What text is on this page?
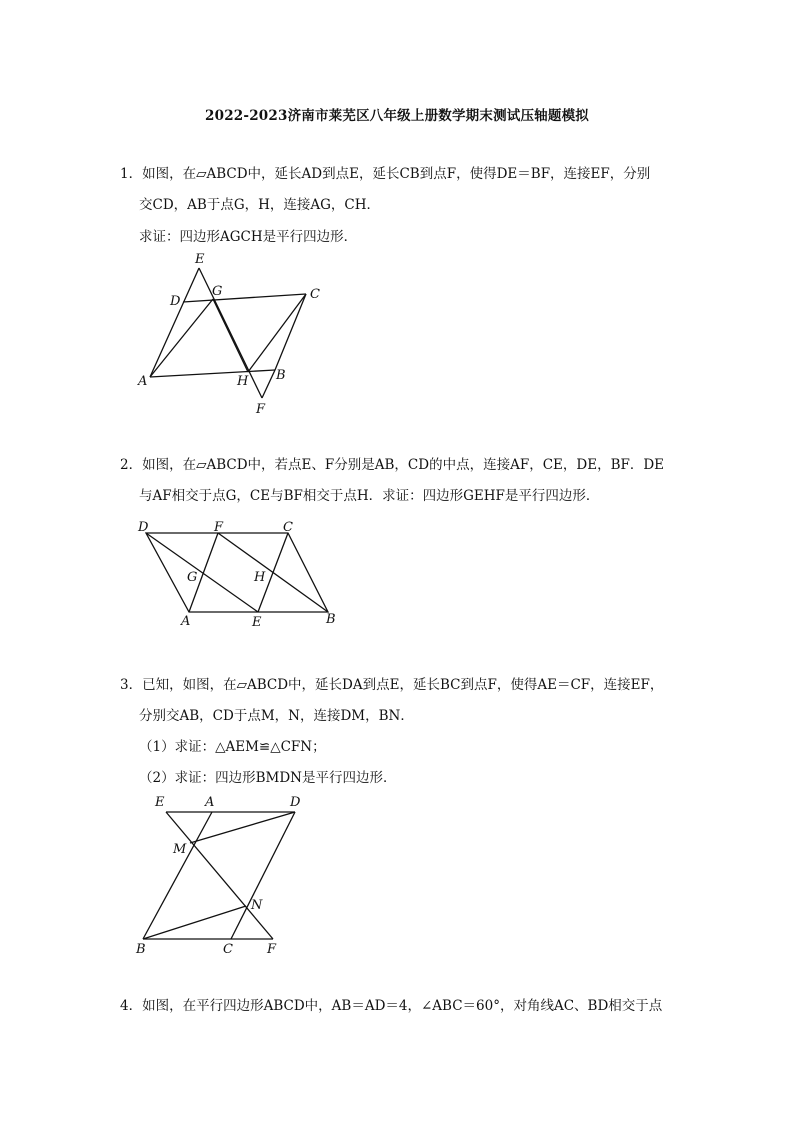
2022-2023济南市莱芜区八年级上册数学期末测试压轴题模拟
1．如图，在▱ABCD中，延长AD到点E，延长CB到点F，使得DE＝BF，连接EF，分别
交CD，AB于点G，H，连接AG，CH．
求证：四边形AGCH是平行四边形．
E
D
G	C
A	H B
F
2．如图，在▱ABCD中，若点E、F分别是AB，CD的中点，连接AF，CE，DE，BF．DE
与AF相交于点G，CE与BF相交于点H．求证：四边形GEHF是平行四边形．
D	F	C
G	H
A	E	B
3．已知，如图，在▱ABCD中，延长DA到点E，延长BC到点F，使得AE＝CF，连接EF，
分别交AB，CD于点M，N，连接DM，BN．
（1）求证：△AEM≌△CFN；
（2）求证：四边形BMDN是平行四边形．
E	A	D
M
N
B	C	F
4．如图，在平行四边形ABCD中，AB＝AD＝4，∠ABC＝60°，对角线AC、BD相交于点
